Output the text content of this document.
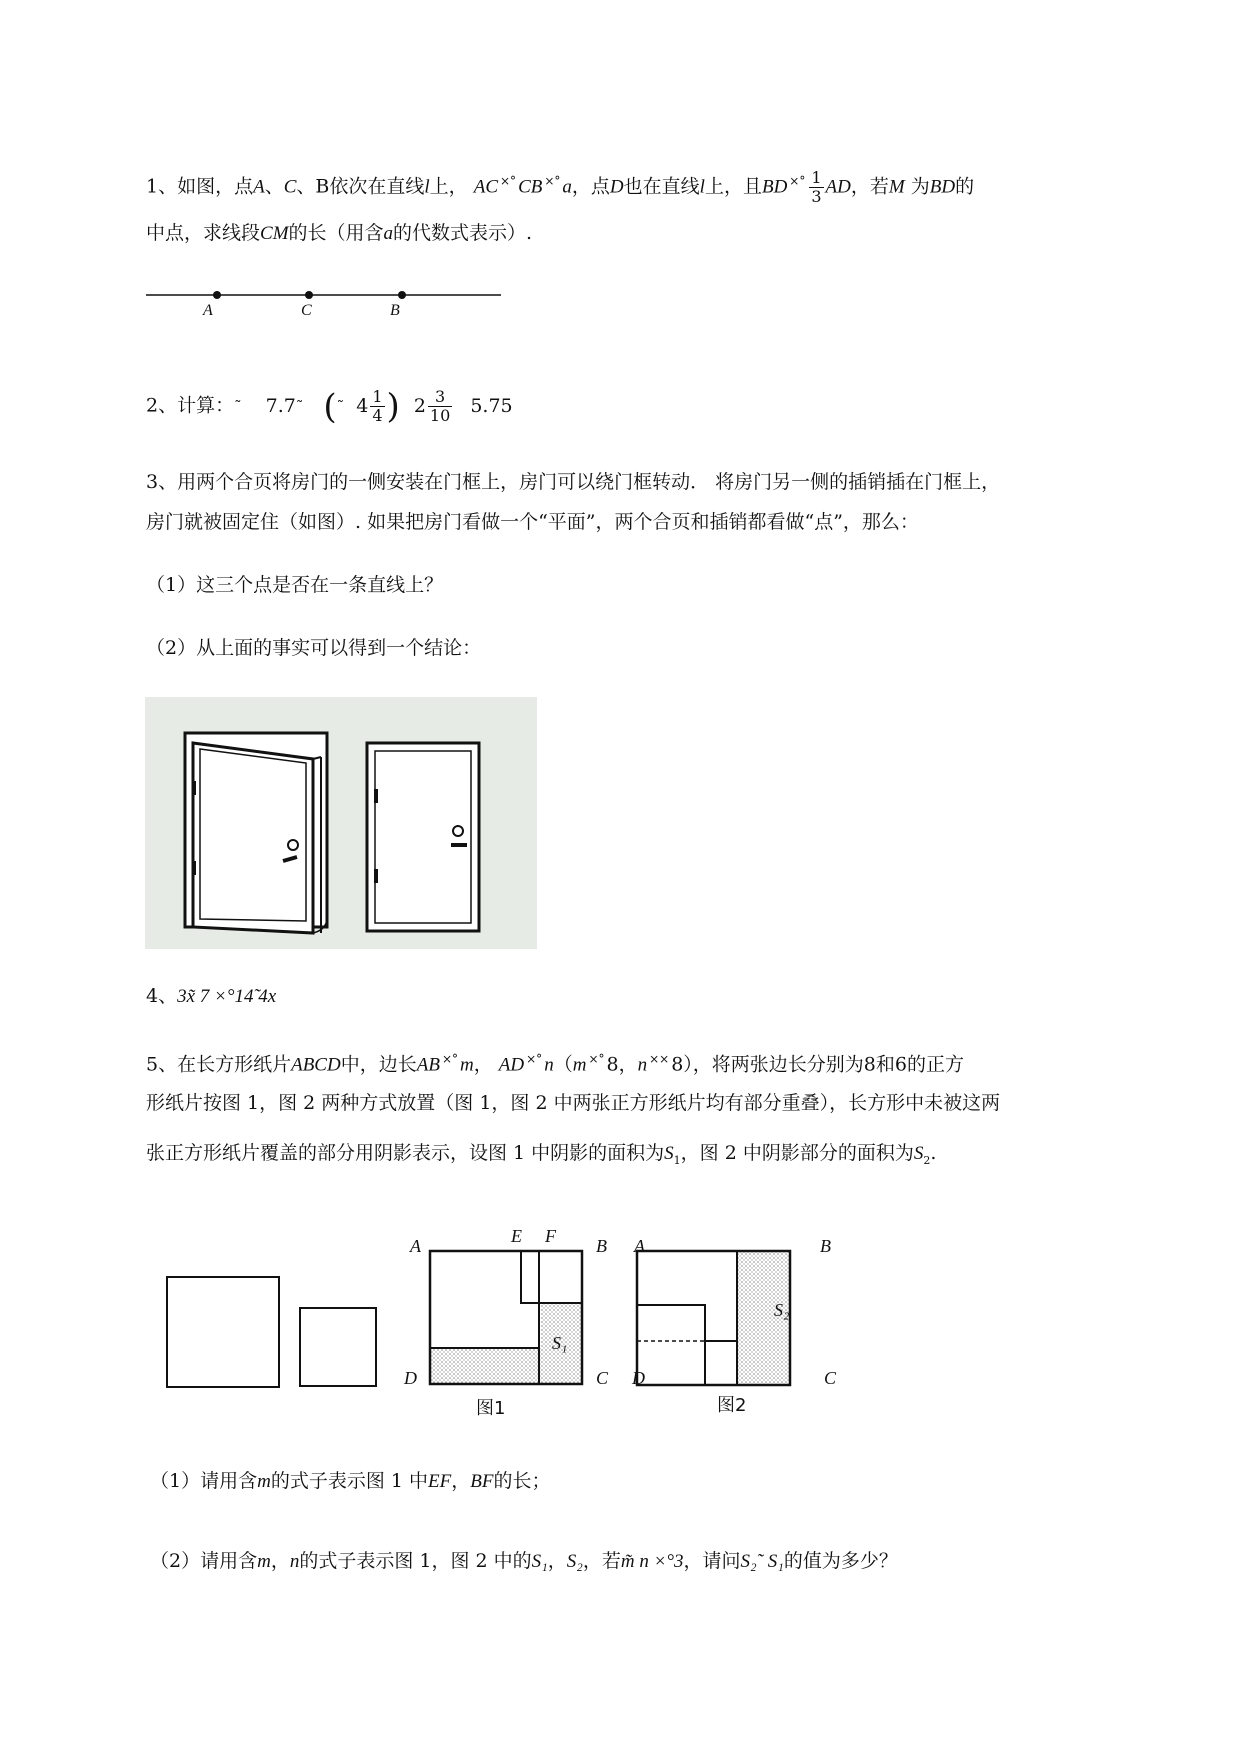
1、如图，点A、C、B依次在直线l上， AC ×° CB ×° a，点D也在直线l上，且BD $^{\times^\circ} \frac{1}{3}$ AD，若M 为BD的
中点，求线段CM的长（用含a的代数式表示）.
A	C	B
2、计算：˜ 7.7˜ (˜ $4 \frac{1}{4}$ ) $2 \frac{3}{10} 5.75$
3、用两个合页将房门的一侧安装在门框上，房门可以绕门框转动． 将房门另一侧的插销插在门框上，
房门就被固定住（如图）. 如果把房门看做一个“平面”，两个合页和插销都看做“点”，那么：
（1）这三个点是否在一条直线上？
（2）从上面的事实可以得到一个结论：
4、3x̃ 7 ×°14̃ 4x
5、在长方形纸片ABCD中，边长AB ×° m， AD ×° n（m ×° 8，n ×× 8），将两张边长分别为8和6的正方
形纸片按图 1，图 2 两种方式放置（图 1，图 2 中两张正方形纸片均有部分重叠），长方形中未被这两
张正方形纸片覆盖的部分用阴影表示，设图 1 中阴影的面积为$S_1$，图 2 中阴影部分的面积为$S_2$.
A	E F B
D	C
S₁
图1
A	B
D	C
S₂
图2
（1）请用含m的式子表示图 1 中EF，BF的长；
（2）请用含m，n的式子表示图 1，图 2 中的S₁，S₂，若m̃ n ×°3，请问S₂˜ S₁的值为多少？
